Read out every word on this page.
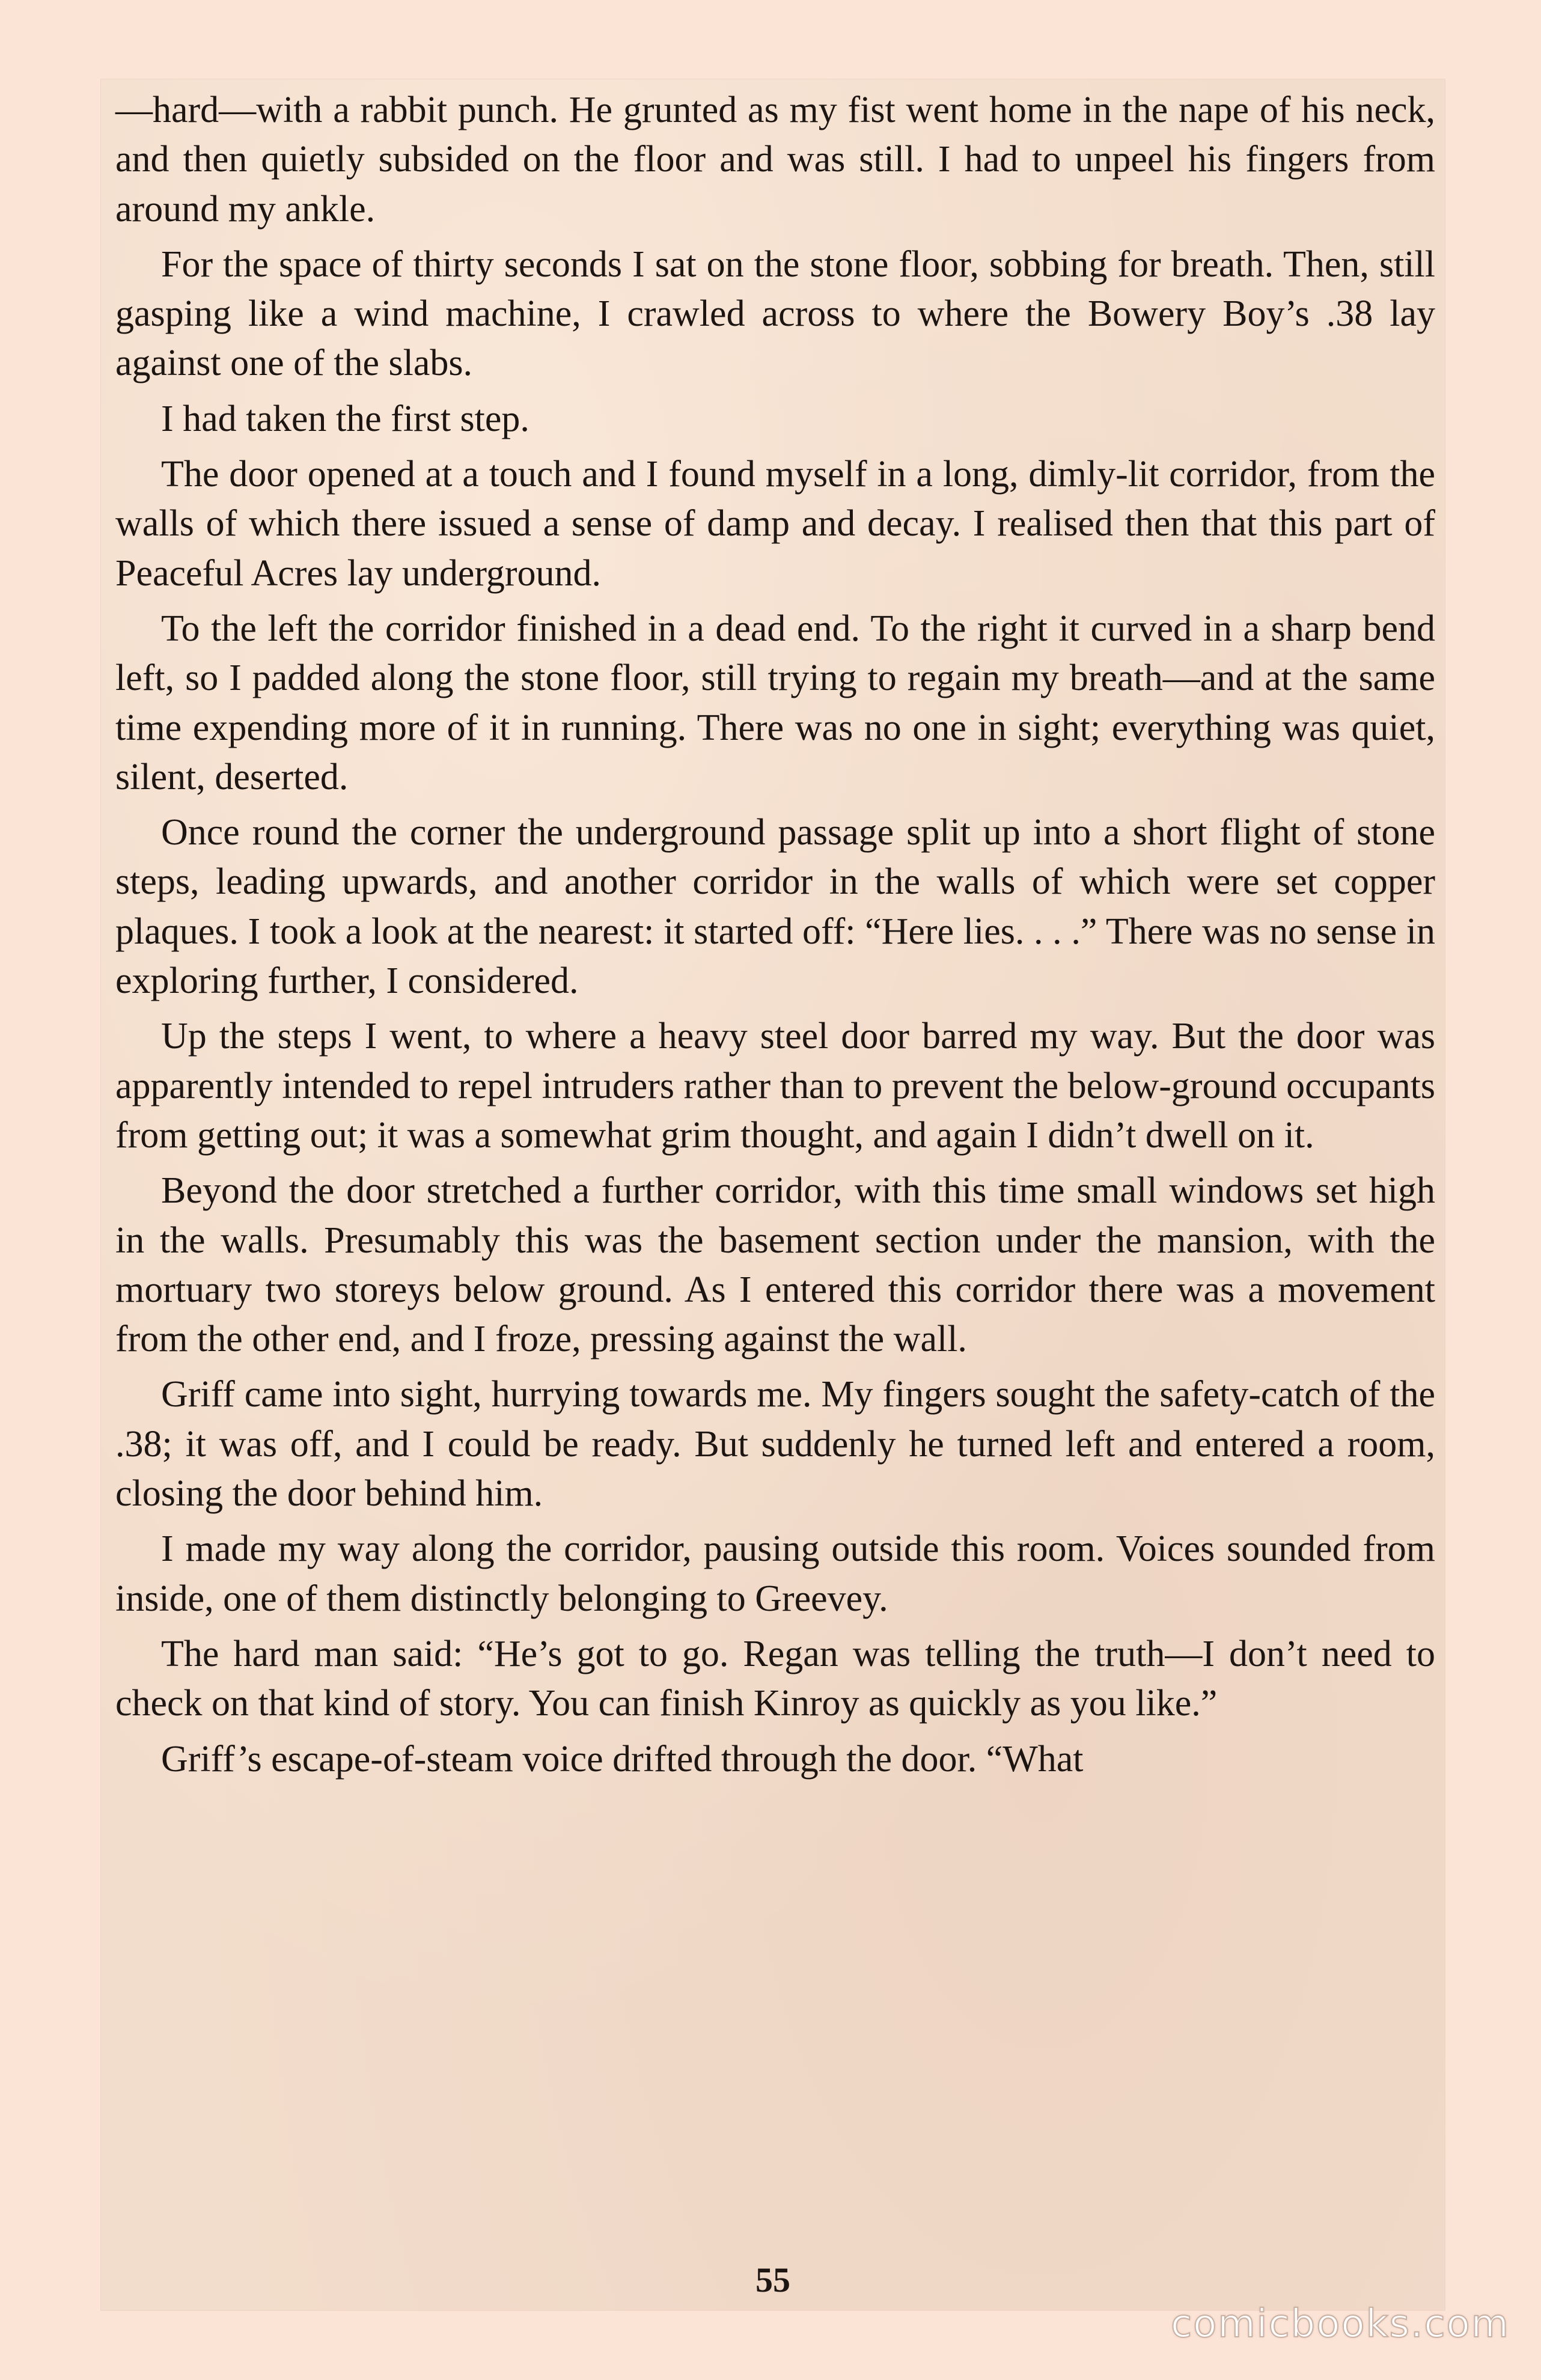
—hard—with a rabbit punch. He grunted as my fist went home in the nape of his neck, and then quietly subsided on the floor and was still. I had to unpeel his fingers from around my ankle.

For the space of thirty seconds I sat on the stone floor, sobbing for breath. Then, still gasping like a wind machine, I crawled across to where the Bowery Boy’s .38 lay against one of the slabs.

I had taken the first step.

The door opened at a touch and I found myself in a long, dimly-lit corridor, from the walls of which there issued a sense of damp and decay. I realised then that this part of Peaceful Acres lay underground.

To the left the corridor finished in a dead end. To the right it curved in a sharp bend left, so I padded along the stone floor, still trying to regain my breath—and at the same time expending more of it in running. There was no one in sight; everything was quiet, silent, deserted.

Once round the corner the underground passage split up into a short flight of stone steps, leading upwards, and another corridor in the walls of which were set copper plaques. I took a look at the nearest: it started off: “Here lies. . . .” There was no sense in exploring further, I considered.

Up the steps I went, to where a heavy steel door barred my way. But the door was apparently intended to repel intruders rather than to prevent the below-ground occupants from getting out; it was a somewhat grim thought, and again I didn’t dwell on it.

Beyond the door stretched a further corridor, with this time small windows set high in the walls. Presumably this was the basement section under the mansion, with the mortuary two storeys below ground. As I entered this corridor there was a movement from the other end, and I froze, pressing against the wall.

Griff came into sight, hurrying towards me. My fingers sought the safety-catch of the .38; it was off, and I could be ready. But suddenly he turned left and entered a room, closing the door behind him.

I made my way along the corridor, pausing outside this room. Voices sounded from inside, one of them distinctly belonging to Greevey.

The hard man said: “He’s got to go. Regan was telling the truth—I don’t need to check on that kind of story. You can finish Kinroy as quickly as you like.”

Griff’s escape-of-steam voice drifted through the door. “What

55
comicbooks.com
